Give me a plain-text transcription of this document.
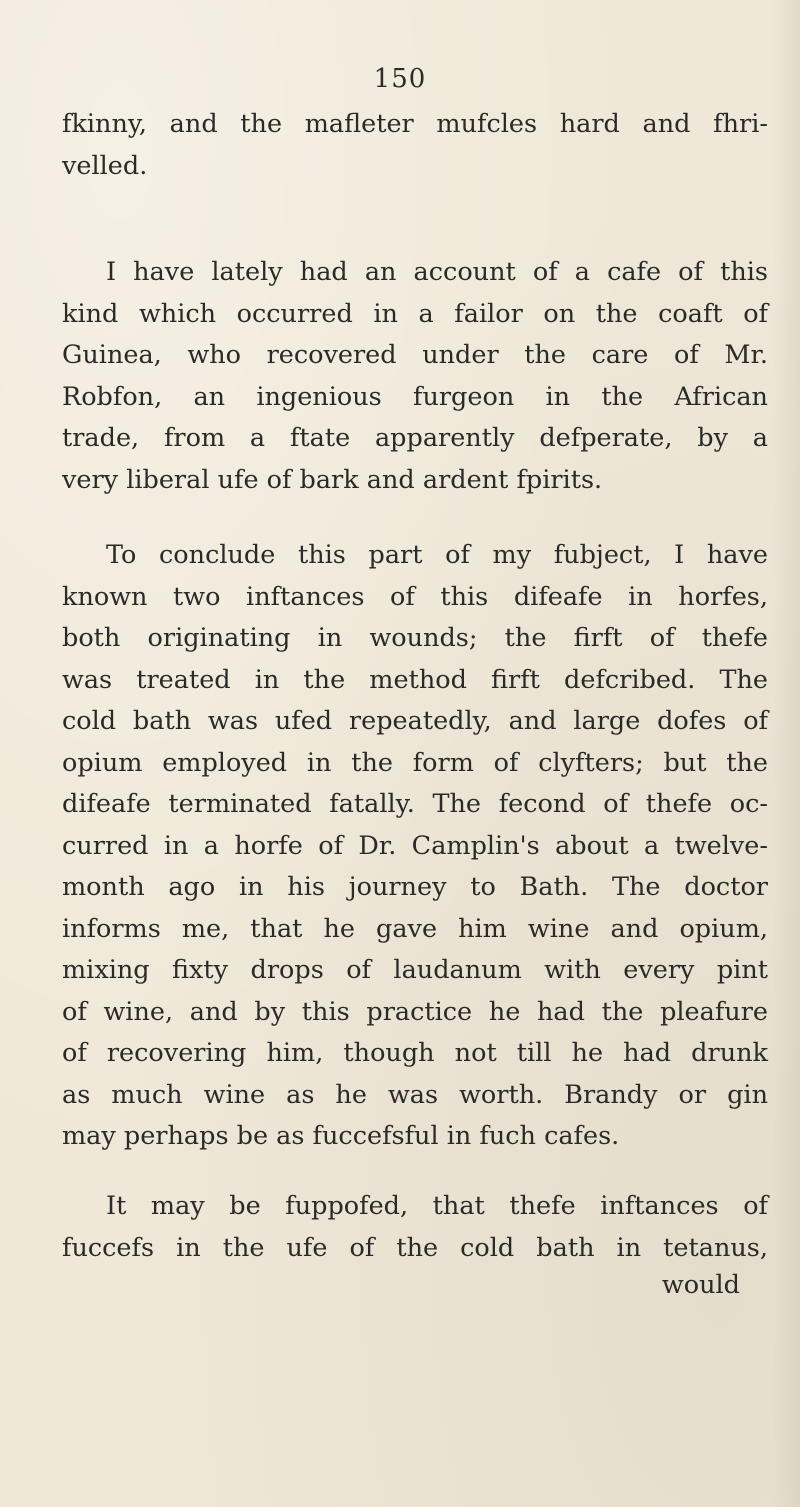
150
fkinny, and the mafleter mufcles hard and fhri-
velled.
I have lately had an account of a cafe of this
kind which occurred in a failor on the coaft of
Guinea, who recovered under the care of Mr.
Robfon, an ingenious furgeon in the African
trade, from a ftate apparently defperate, by a
very liberal ufe of bark and ardent fpirits.
To conclude this part of my fubject, I have
known two inftances of this difeafe in horfes,
both originating in wounds; the firft of thefe
was treated in the method firft defcribed. The
cold bath was ufed repeatedly, and large dofes of
opium employed in the form of clyfters; but the
difeafe terminated fatally. The fecond of thefe oc-
curred in a horfe of Dr. Camplin's about a twelve-
month ago in his journey to Bath. The doctor
informs me, that he gave him wine and opium,
mixing fixty drops of laudanum with every pint
of wine, and by this practice he had the pleafure
of recovering him, though not till he had drunk
as much wine as he was worth. Brandy or gin
may perhaps be as fuccefsful in fuch cafes.
It may be fuppofed, that thefe inftances of
fuccefs in the ufe of the cold bath in tetanus,
would
